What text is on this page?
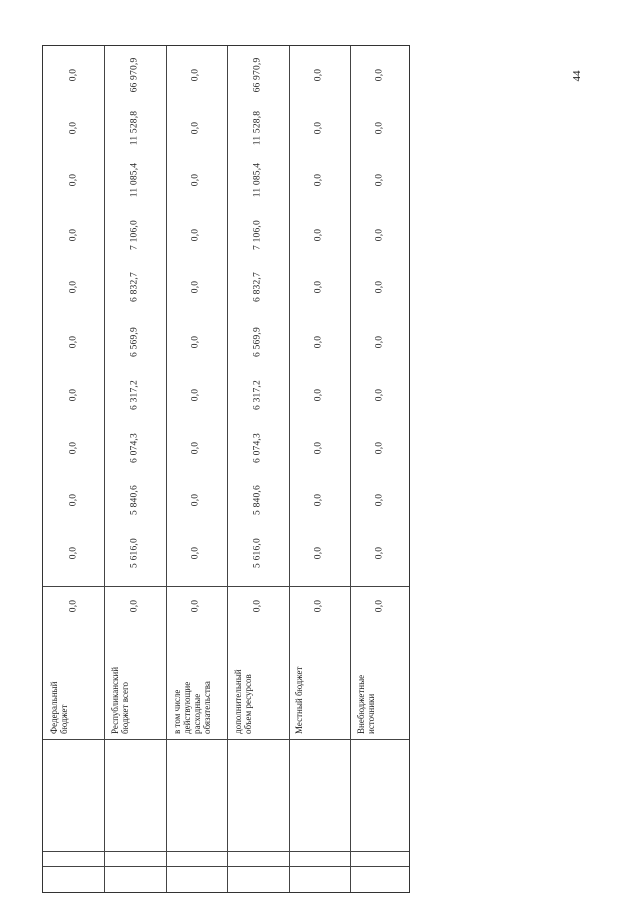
0,0
0,0
0,0
0,0
0,0
0,0
0,0
0,0
0,0
0,0
0,0
Федеральный бюджет
0,0
5 616,0
5 840,6
6 074,3
6 317,2
6 569,9
6 832,7
7 106,0
11 085,4
11 528,8
66 970,9
Республиканский бюджет всего
0,0
0,0
0,0
0,0
0,0
0,0
0,0
0,0
0,0
0,0
0,0
в том числе действующие расходные обязательства
0,0
5 616,0
5 840,6
6 074,3
6 317,2
6 569,9
6 832,7
7 106,0
11 085,4
11 528,8
66 970,9
дополнительный объем ресурсов
0,0
0,0
0,0
0,0
0,0
0,0
0,0
0,0
0,0
0,0
0,0
Местный бюджет
0,0
0,0
0,0
0,0
0,0
0,0
0,0
0,0
0,0
0,0
0,0
Внебюджетные источники
44
